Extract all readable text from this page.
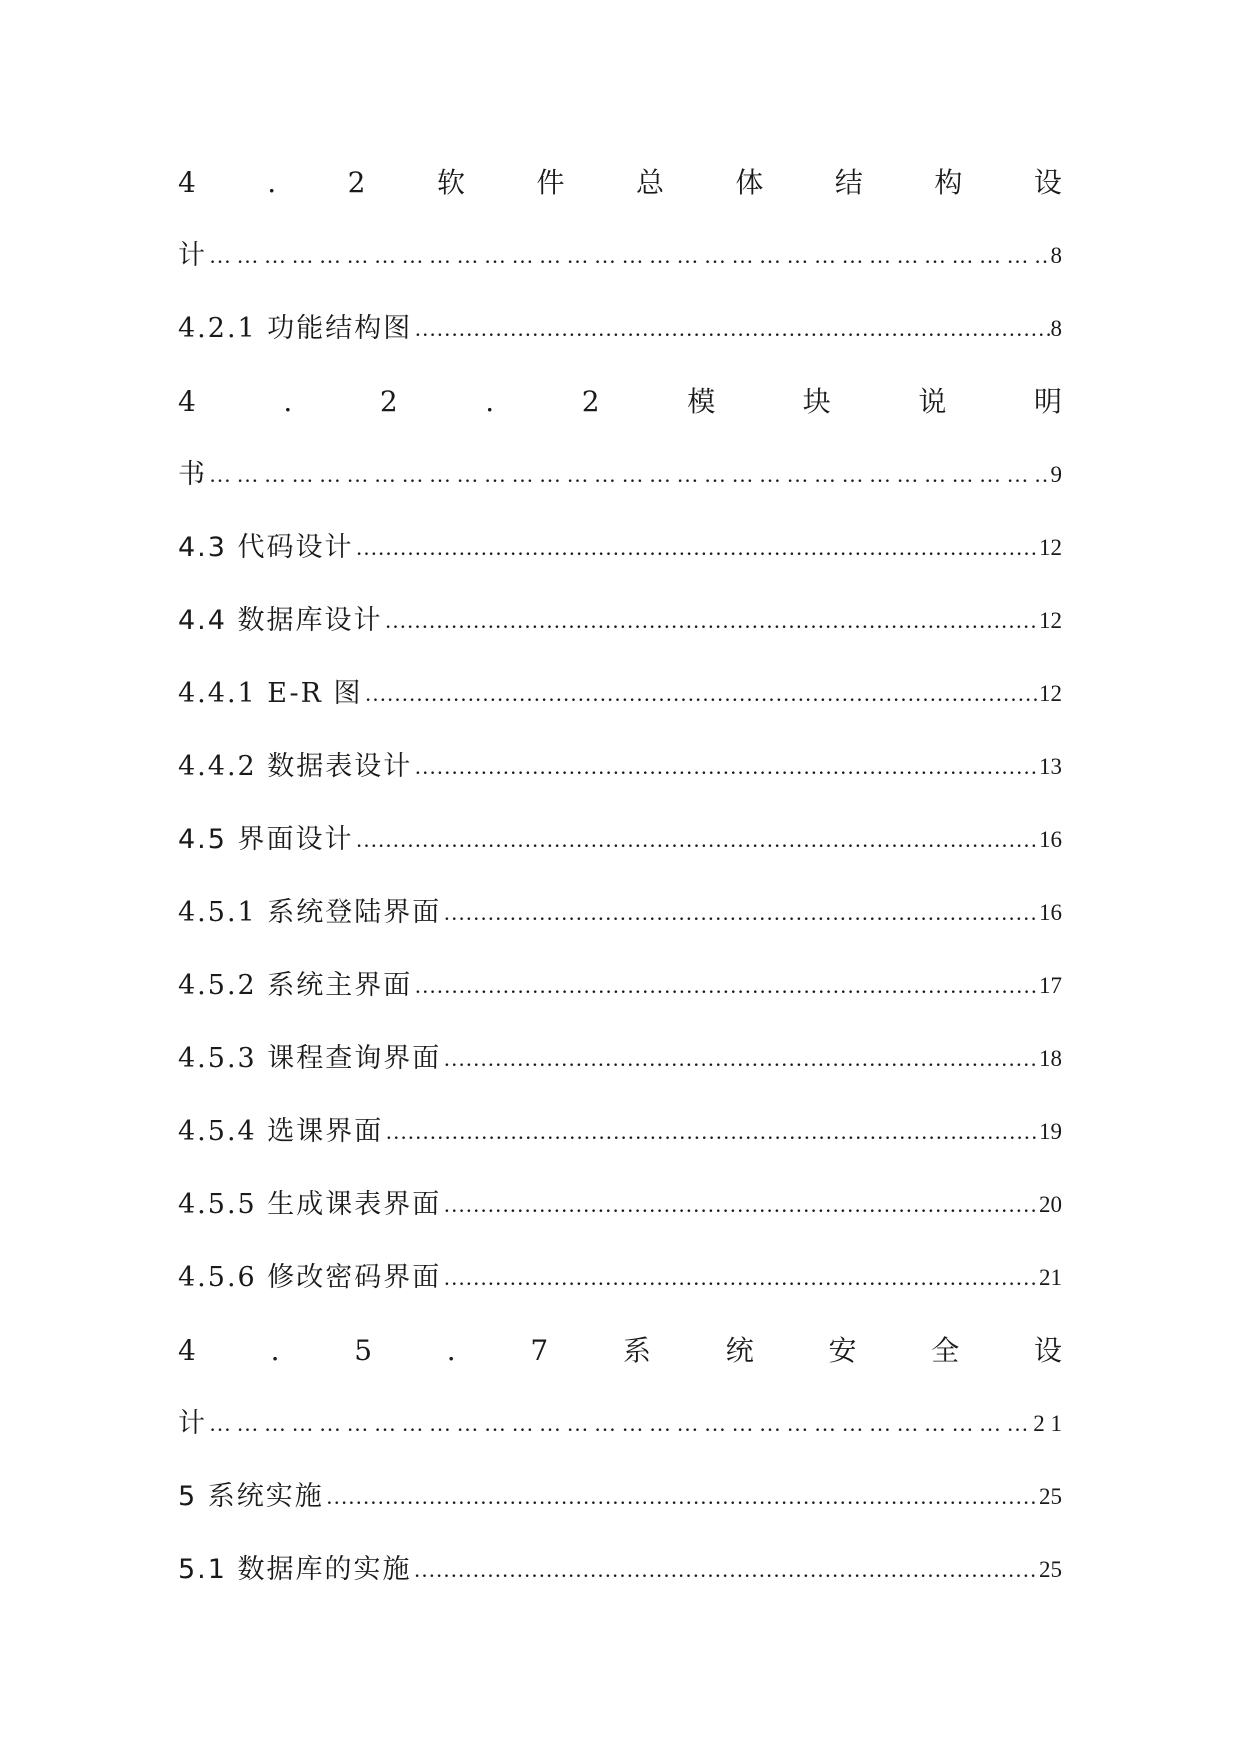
4	.	2	软	件	总	体	结	构	设
计 … … … … … … … … … … … … … … … … … … … … … … … … … … … … … … … … … … … … … … … … … … … … … … … … … … … … …	8
4.2.1 功能结构图 ……………………………………………………………………………………………………………………………………………………………………………	8
4	.	2	.	2	模	块	说	明
书 … … … … … … … … … … … … … … … … … … … … … … … … … … … … … … … … … … … … … … … … … … … … … … … … … … … … …	9
4.3 代码设计 ……………………………………………………………………………………………………………………………………………………………………………	12
4.4 数据库设计 ……………………………………………………………………………………………………………………………………………………………………………	12
4.4.1 E-R 图 ……………………………………………………………………………………………………………………………………………………………………………	12
4.4.2 数据表设计 ……………………………………………………………………………………………………………………………………………………………………………	13
4.5 界面设计 ……………………………………………………………………………………………………………………………………………………………………………	16
4.5.1 系统登陆界面 ……………………………………………………………………………………………………………………………………………………………………………	16
4.5.2 系统主界面 ……………………………………………………………………………………………………………………………………………………………………………	17
4.5.3 课程查询界面 ……………………………………………………………………………………………………………………………………………………………………………	18
4.5.4 选课界面 ……………………………………………………………………………………………………………………………………………………………………………	19
4.5.5 生成课表界面 ……………………………………………………………………………………………………………………………………………………………………………	20
4.5.6 修改密码界面 ……………………………………………………………………………………………………………………………………………………………………………	21
4	.	5	.	7	系	统	安	全	设
计 … … … … … … … … … … … … … … … … … … … … … … … … … … … … … … … … … … … … … … … … … … … … … … … … … … … … …	2 1
5 系统实施 ……………………………………………………………………………………………………………………………………………………………………………	25
5.1 数据库的实施 ……………………………………………………………………………………………………………………………………………………………………………	25
